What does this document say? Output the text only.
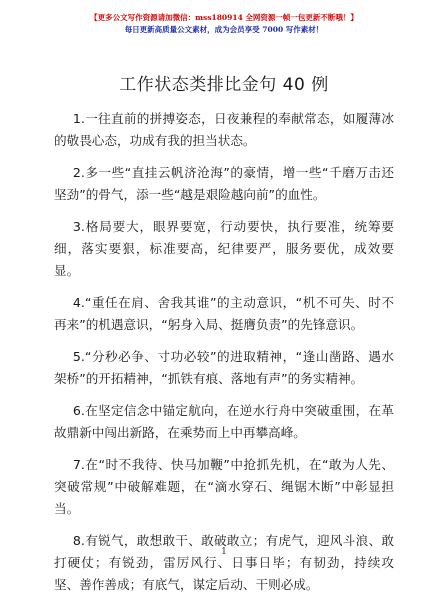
【更多公文写作资源请加微信：mss180914 全网资源一帧一包更新不断哦！】
每日更新高质量公文素材，成为会员享受 7000 写作素材！
工作状态类排比金句 40 例

1.一往直前的拼搏姿态，日夜兼程的奉献常态，如履薄冰的敬畏心态，功成有我的担当状态。

2.多一些“直挂云帆济沧海”的豪情，增一些“千磨万击还坚劲”的骨气，添一些“越是艰险越向前”的血性。

3.格局要大，眼界要宽，行动要快，执行要准，统筹要细，落实要狠，标准要高，纪律要严，服务要优，成效要显。

4.“重任在肩、舍我其谁”的主动意识，“机不可失、时不再来”的机遇意识，“躬身入局、挺膺负责”的先锋意识。

5.“分秒必争、寸功必较”的进取精神，“逢山凿路、遇水架桥”的开拓精神，“抓铁有痕、落地有声”的务实精神。

6.在坚定信念中锚定航向，在逆水行舟中突破重围，在革故鼎新中闯出新路，在乘势而上中再攀高峰。

7.在“时不我待、快马加鞭”中抢抓先机，在“敢为人先、突破常规”中破解难题，在“滴水穿石、绳锯木断”中彰显担当。

8.有锐气，敢想敢干、敢破敢立；有虎气，迎风斗浪、敢打硬仗；有锐劲，雷厉风行、日事日毕；有韧劲，持续攻坚、善作善成；有底气，谋定后动、干则必成。

1
